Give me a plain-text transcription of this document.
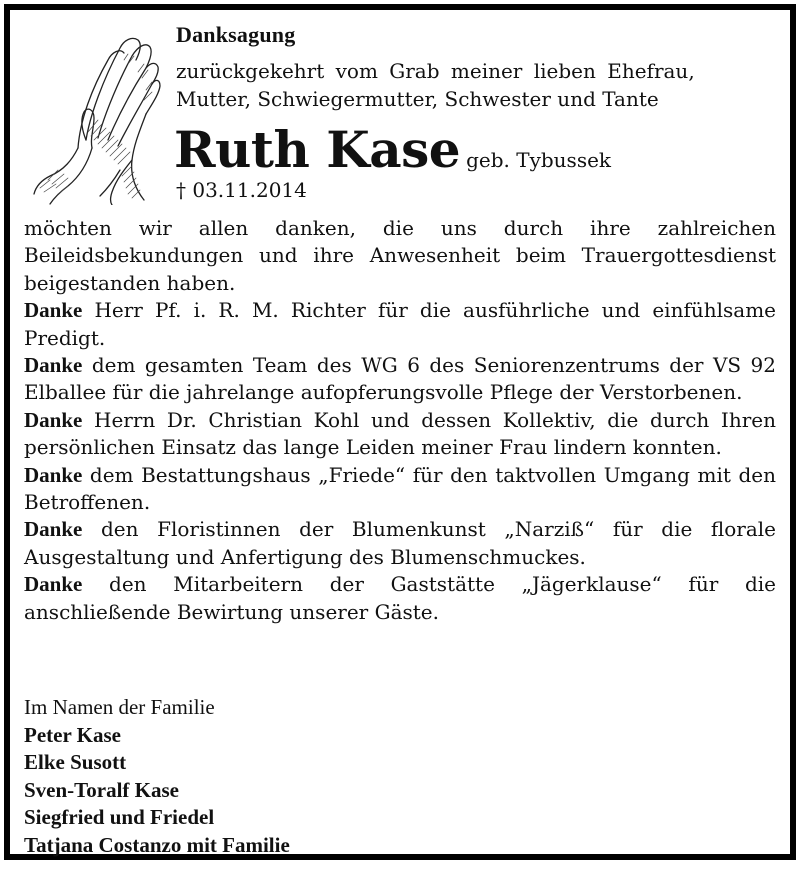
Danksagung
zurückgekehrt vom Grab meiner lieben Ehefrau,
Mutter, Schwiegermutter, Schwester und Tante
Ruth Kase geb. Tybussek
† 03.11.2014

möchten wir allen danken, die uns durch ihre zahlreichen Beileidsbekundungen und ihre Anwesenheit beim Trauergottesdienst beigestanden haben.

Danke Herr Pf. i. R. M. Richter für die ausführliche und einfühlsame Predigt.

Danke dem gesamten Team des WG 6 des Seniorenzentrums der VS 92 Elballee für die jahrelange aufopferungsvolle Pflege der Verstorbenen.

Danke Herrn Dr. Christian Kohl und dessen Kollektiv, die durch Ihren persönlichen Einsatz das lange Leiden meiner Frau lindern konnten.

Danke dem Bestattungshaus „Friede“ für den taktvollen Umgang mit den Betroffenen.

Danke den Floristinnen der Blumenkunst „Narziß“ für die florale Ausgestaltung und Anfertigung des Blumenschmuckes.

Danke den Mitarbeitern der Gaststätte „Jägerklause“ für die anschließende Bewirtung unserer Gäste.

Im Namen der Familie
Peter Kase
Elke Susott
Sven-Toralf Kase
Siegfried und Friedel
Tatjana Costanzo mit Familie
